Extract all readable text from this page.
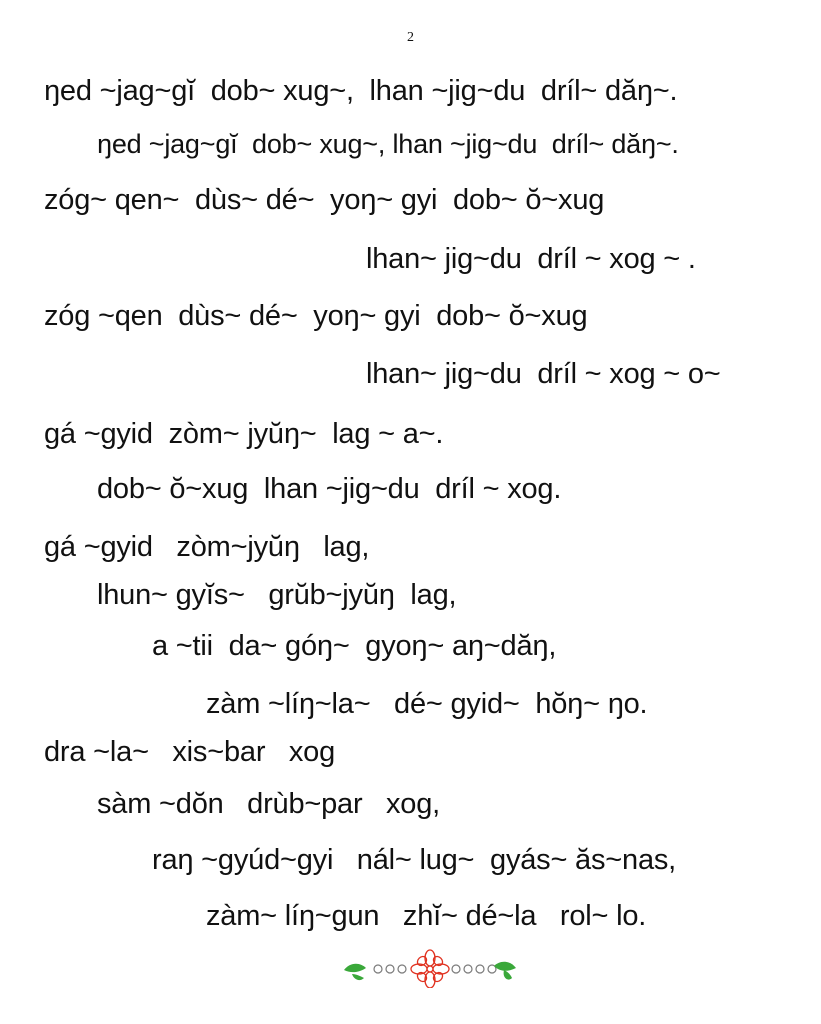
2
ŋed ~jag~gĭ  dob~ xug~,  lhan ~jig~du  dríl~ dăŋ~.
ŋed ~jag~gĭ  dob~ xug~, lhan ~jig~du  dríl~ dăŋ~.
zóg~ qen~  dùs~ dé~  yoŋ~ gyi  dob~ ŏ~xug
lhan~ jig~du  dríl ~ xog ~ .
zóg ~qen  dùs~ dé~  yoŋ~ gyi  dob~ ŏ~xug
lhan~ jig~du  dríl ~ xog ~ o~
gá ~gyid  zòm~ jyŭŋ~  lag ~ a~.
dob~ ŏ~xug  lhan ~jig~du  dríl ~ xog.
gá ~gyid   zòm~jyŭŋ   lag,
lhun~ gyĭs~   grŭb~jyŭŋ  lag,
a ~tii  da~ góŋ~  gyoŋ~ aŋ~dăŋ,
zàm ~líŋ~la~   dé~ gyid~  hŏŋ~ ŋo.
dra ~la~   xis~bar   xog
sàm ~dŏn   drùb~par   xog,
raŋ ~gyúd~gyi   nál~ lug~  gyás~ ăs~nas,
zàm~ líŋ~gun   zhĭ~ dé~la   rol~ lo.
